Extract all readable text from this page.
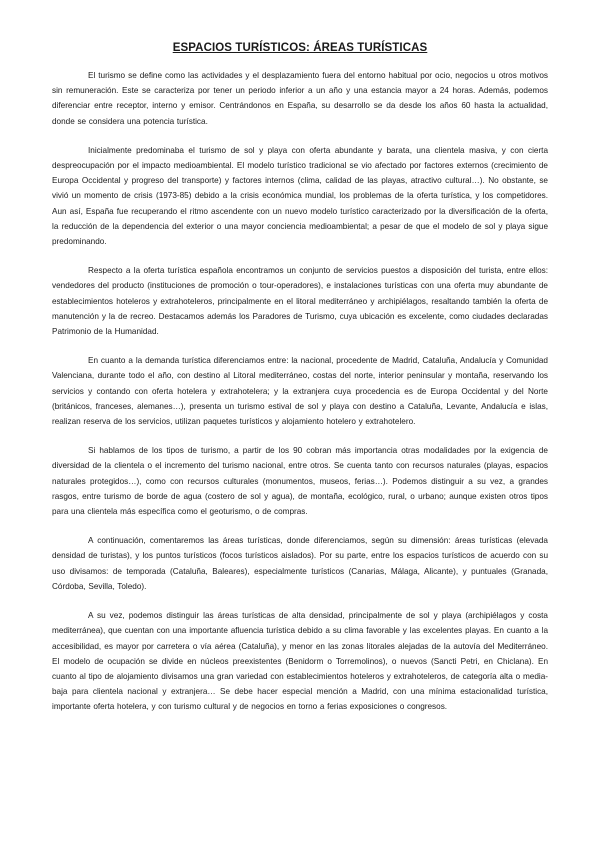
ESPACIOS TURÍSTICOS: ÁREAS TURÍSTICAS

El turismo se define como las actividades y el desplazamiento fuera del entorno habitual por ocio, negocios u otros motivos sin remuneración. Este se caracteriza por tener un periodo inferior a un año y una estancia mayor a 24 horas. Además, podemos diferenciar entre receptor, interno y emisor. Centrándonos en España, su desarrollo se da desde los años 60 hasta la actualidad, donde se considera una potencia turística.

Inicialmente predominaba el turismo de sol y playa con oferta abundante y barata, una clientela masiva, y con cierta despreocupación por el impacto medioambiental. El modelo turístico tradicional se vio afectado por factores externos (crecimiento de Europa Occidental y progreso del transporte) y factores internos (clima, calidad de las playas, atractivo cultural…). No obstante, se vivió un momento de crisis (1973-85) debido a la crisis económica mundial, los problemas de la oferta turística, y los competidores. Aun así, España fue recuperando el ritmo ascendente con un nuevo modelo turístico caracterizado por la diversificación de la oferta, la reducción de la dependencia del exterior o una mayor conciencia medioambiental; a pesar de que el modelo de sol y playa sigue predominando.

Respecto a la oferta turística española encontramos un conjunto de servicios puestos a disposición del turista, entre ellos: vendedores del producto (instituciones de promoción o tour-operadores), e instalaciones turísticas con una oferta muy abundante de establecimientos hoteleros y extrahoteleros, principalmente en el litoral mediterráneo y archipiélagos, resaltando también la oferta de manutención y la de recreo. Destacamos además los Paradores de Turismo, cuya ubicación es excelente, como ciudades declaradas Patrimonio de la Humanidad.

En cuanto a la demanda turística diferenciamos entre: la nacional, procedente de Madrid, Cataluña, Andalucía y Comunidad Valenciana, durante todo el año, con destino al Litoral mediterráneo, costas del norte, interior peninsular y montaña, reservando los servicios y contando con oferta hotelera y extrahotelera; y la extranjera cuya procedencia es de Europa Occidental y del Norte (británicos, franceses, alemanes…), presenta un turismo estival de sol y playa con destino a Cataluña, Levante, Andalucía e islas, realizan reserva de los servicios, utilizan paquetes turísticos y alojamiento hotelero y extrahotelero.

Si hablamos de los tipos de turismo, a partir de los 90 cobran más importancia otras modalidades por la exigencia de diversidad de la clientela o el incremento del turismo nacional, entre otros. Se cuenta tanto con recursos naturales (playas, espacios naturales protegidos…), como con recursos culturales (monumentos, museos, ferias…). Podemos distinguir a su vez, a grandes rasgos, entre turismo de borde de agua (costero de sol y agua), de montaña, ecológico, rural, o urbano; aunque existen otros tipos para una clientela más específica como el geoturismo, o de compras.

A continuación, comentaremos las áreas turísticas, donde diferenciamos, según su dimensión: áreas turísticas (elevada densidad de turistas), y los puntos turísticos (focos turísticos aislados). Por su parte, entre los espacios turísticos de acuerdo con su uso divisamos: de temporada (Cataluña, Baleares), especialmente turísticos (Canarias, Málaga, Alicante), y puntuales (Granada, Córdoba, Sevilla, Toledo).

A su vez, podemos distinguir las áreas turísticas de alta densidad, principalmente de sol y playa (archipiélagos y costa mediterránea), que cuentan con una importante afluencia turística debido a su clima favorable y las excelentes playas. En cuanto a la accesibilidad, es mayor por carretera o vía aérea (Cataluña), y menor en las zonas litorales alejadas de la autovía del Mediterráneo. El modelo de ocupación se divide en núcleos preexistentes (Benidorm o Torremolinos), o nuevos (Sancti Petri, en Chiclana). En cuanto al tipo de alojamiento divisamos una gran variedad con establecimientos hoteleros y extrahoteleros, de categoría alta o media-baja para clientela nacional y extranjera… Se debe hacer especial mención a Madrid, con una mínima estacionalidad turística, importante oferta hotelera, y con turismo cultural y de negocios en torno a ferias exposiciones o congresos.
